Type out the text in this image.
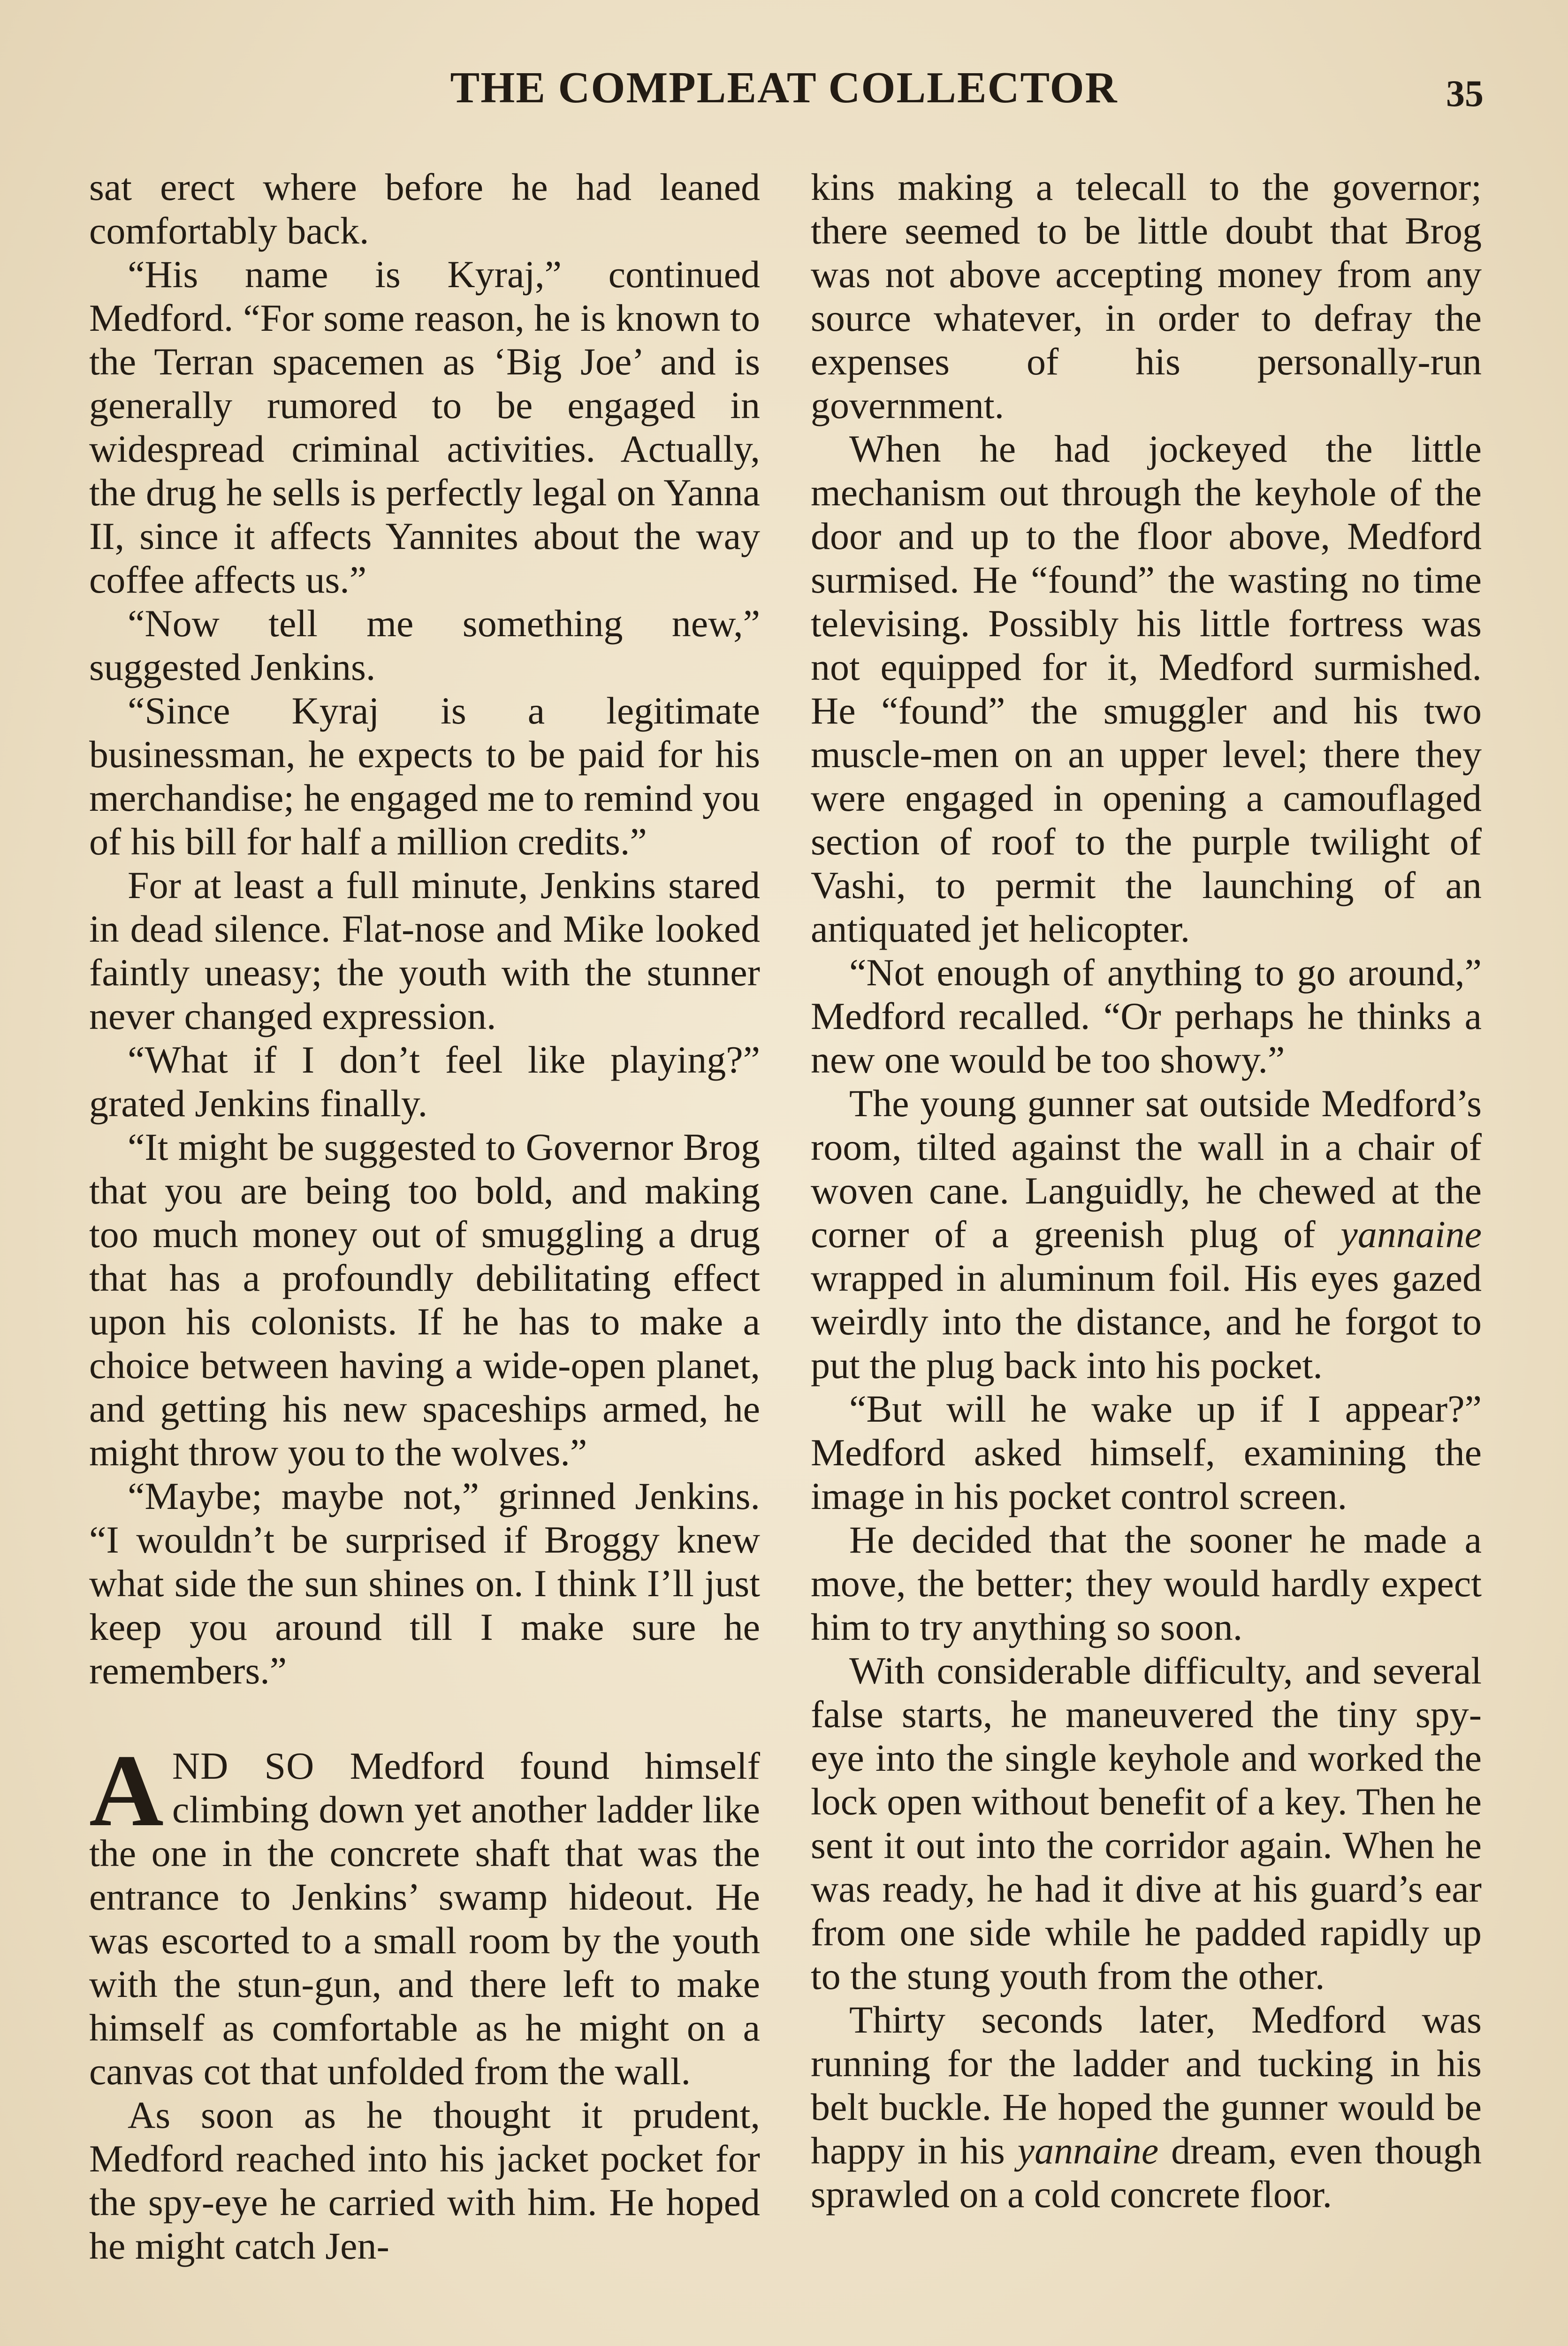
THE COMPLEAT COLLECTOR	35

sat erect where before he had leaned comfortably back.

“His name is Kyraj,” continued Medford. “For some reason, he is known to the Terran spacemen as ‘Big Joe’ and is generally rumored to be engaged in widespread criminal activities. Actually, the drug he sells is perfectly legal on Yanna II, since it affects Yannites about the way coffee affects us.”

“Now tell me something new,” suggested Jenkins.

“Since Kyraj is a legitimate businessman, he expects to be paid for his merchandise; he engaged me to remind you of his bill for half a million credits.”

For at least a full minute, Jenkins stared in dead silence. Flat-nose and Mike looked faintly uneasy; the youth with the stunner never changed expression.

“What if I don’t feel like playing?” grated Jenkins finally.

“It might be suggested to Governor Brog that you are being too bold, and making too much money out of smuggling a drug that has a profoundly debilitating effect upon his colonists. If he has to make a choice between having a wide-open planet, and getting his new spaceships armed, he might throw you to the wolves.”

“Maybe; maybe not,” grinned Jenkins. “I wouldn’t be surprised if Broggy knew what side the sun shines on. I think I’ll just keep you around till I make sure he remembers.”

AND SO Medford found himself climbing down yet another ladder like the one in the concrete shaft that was the entrance to Jenkins’ swamp hideout. He was escorted to a small room by the youth with the stun-gun, and there left to make himself as comfortable as he might on a canvas cot that unfolded from the wall.

As soon as he thought it prudent, Medford reached into his jacket pocket for the spy-eye he carried with him. He hoped he might catch Jen-

kins making a telecall to the governor; there seemed to be little doubt that Brog was not above accepting money from any source whatever, in order to defray the expenses of his personally-run government.

When he had jockeyed the little mechanism out through the keyhole of the door and up to the floor above, Medford surmised. He “found” the wasting no time televising. Possibly his little fortress was not equipped for it, Medford surmished. He “found” the smuggler and his two muscle-men on an upper level; there they were engaged in opening a camouflaged section of roof to the purple twilight of Vashi, to permit the launching of an antiquated jet helicopter.

“Not enough of anything to go around,” Medford recalled. “Or perhaps he thinks a new one would be too showy.”

The young gunner sat outside Medford’s room, tilted against the wall in a chair of woven cane. Languidly, he chewed at the corner of a greenish plug of yannaine wrapped in aluminum foil. His eyes gazed weirdly into the distance, and he forgot to put the plug back into his pocket.

“But will he wake up if I appear?” Medford asked himself, examining the image in his pocket control screen.

He decided that the sooner he made a move, the better; they would hardly expect him to try anything so soon.

With considerable difficulty, and several false starts, he maneuvered the tiny spy-eye into the single keyhole and worked the lock open without benefit of a key. Then he sent it out into the corridor again. When he was ready, he had it dive at his guard’s ear from one side while he padded rapidly up to the stung youth from the other.

Thirty seconds later, Medford was running for the ladder and tucking in his belt buckle. He hoped the gunner would be happy in his yannaine dream, even though sprawled on a cold concrete floor.
